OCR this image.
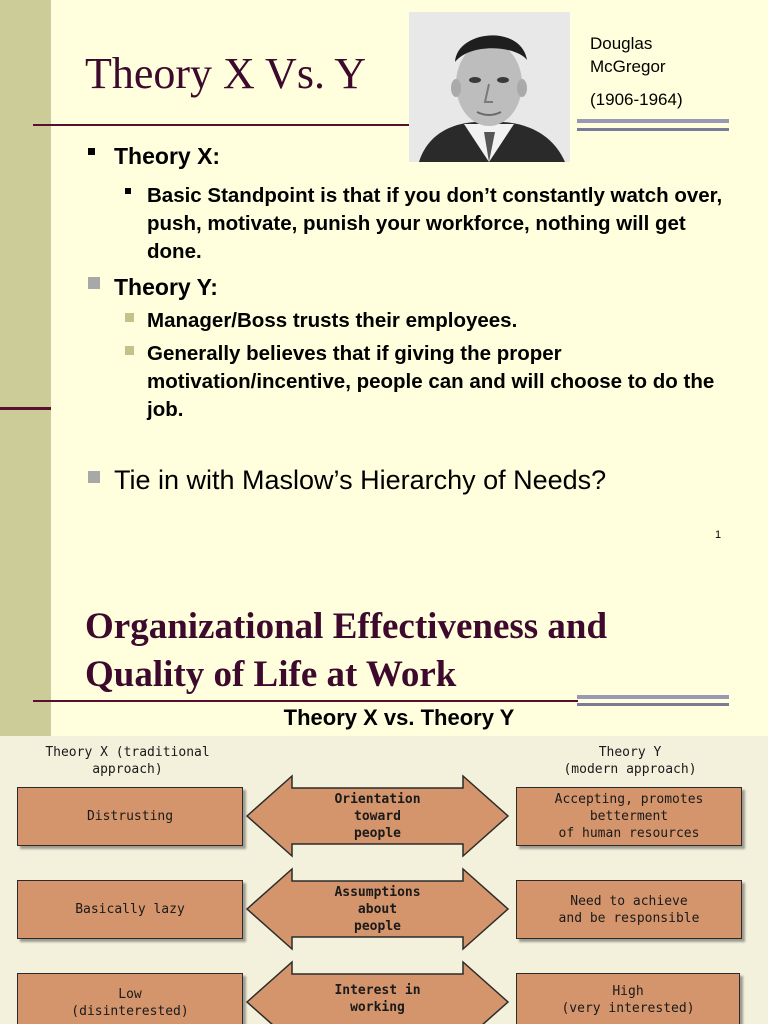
Theory X Vs. Y
Douglas
McGregor
(1906-1964)
Theory X:
Basic Standpoint is that if you don’t constantly watch over, push, motivate, punish your workforce, nothing will get done.
Theory Y:
Manager/Boss trusts their employees.
Generally believes that if giving the proper motivation/incentive, people can and will choose to do the job.
Tie in with Maslow’s Hierarchy of Needs?
1
Organizational Effectiveness and
Quality of Life at Work
Theory X vs. Theory Y
Theory X (traditional approach)
Theory Y
(modern approach)
Distrusting
Orientation
toward
people
Accepting, promotes
betterment
of human resources
Basically lazy
Assumptions
about
people
Need to achieve
and be responsible
Low
(disinterested)
Interest in
working
High
(very interested)
